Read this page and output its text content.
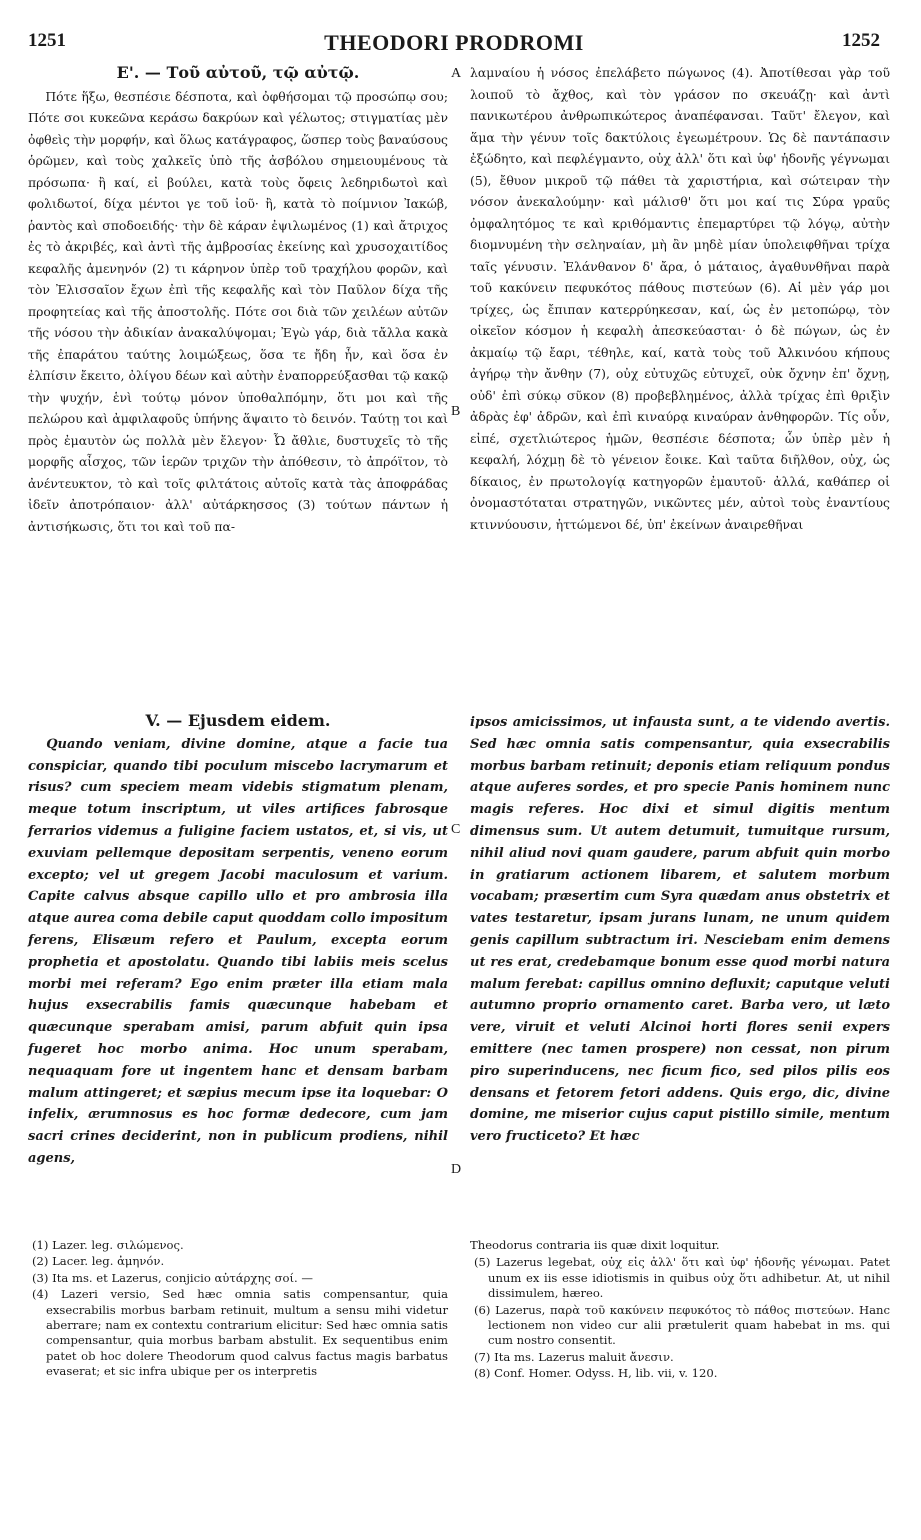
1251	THEODORI PRODROMI	1252
A
B
C
D
Ε'. — Τοῦ αὐτοῦ, τῷ αὐτῷ.

Πότε ἥξω, θεσπέσιε δέσποτα, καὶ ὀφθήσομαι τῷ προσώπῳ σου; Πότε σοι κυκεῶνα κεράσω δακρύων καὶ γέλωτος; στιγματίας μὲν ὀφθεὶς τὴν μορφήν, καὶ ὅλως κατάγραφος, ὥσπερ τοὺς βαναύσους ὁρῶμεν, καὶ τοὺς χαλκεῖς ὑπὸ τῆς ἀσβόλου σημειουμένους τὰ πρόσωπα· ἢ καί, εἰ βούλει, κατὰ τοὺς ὄφεις λεδηριδωτοὶ καὶ φολιδωτοί, δίχα μέντοι γε τοῦ ἰοῦ· ἢ, κατὰ τὸ ποίμνιον Ἰακώβ, ῥαντὸς καὶ σποδοειδής· τὴν δὲ κάραν ἐψιλωμένος (1) καὶ ἄτριχος ἐς τὸ ἀκριβές, καὶ ἀντὶ τῆς ἀμβροσίας ἐκείνης καὶ χρυσοχαιτίδος κεφαλῆς ἀμενηνόν (2) τι κάρηνον ὑπὲρ τοῦ τραχήλου φορῶν, καὶ τὸν Ἐλισσαῖον ἔχων ἐπὶ τῆς κεφαλῆς καὶ τὸν Παῦλον δίχα τῆς προφητείας καὶ τῆς ἀποστολῆς. Πότε σοι διὰ τῶν χειλέων αὐτῶν τῆς νόσου τὴν ἀδικίαν ἀνακαλύψομαι; Ἐγὼ γάρ, διὰ τἄλλα κακὰ τῆς ἐπαράτου ταύτης λοιμώξεως, ὅσα τε ἤδη ἦν, καὶ ὅσα ἐν ἐλπίσιν ἔκειτο, ὀλίγου δέων καὶ αὐτὴν ἐναπορρεύξασθαι τῷ κακῷ τὴν ψυχήν, ἑνὶ τούτῳ μόνον ὑποθαλπόμην, ὅτι μοι καὶ τῆς πελώρου καὶ ἀμφιλαφοῦς ὑπήνης ἅψαιτο τὸ δεινόν. Ταύτῃ τοι καὶ πρὸς ἐμαυτὸν ὡς πολλὰ μὲν ἔλεγον· Ὦ ἄθλιε, δυστυχεῖς τὸ τῆς μορφῆς αἶσχος, τῶν ἱερῶν τριχῶν τὴν ἀπόθεσιν, τὸ ἀπρόϊτον, τὸ ἀνέντευκτον, τὸ καὶ τοῖς φιλτάτοις αὐτοῖς κατὰ τὰς ἀποφράδας ἰδεῖν ἀποτρόπαιον· ἀλλ' αὐτάρκησσος (3) τούτων πάντων ἡ ἀντισήκωσις, ὅτι τοι καὶ τοῦ πα-

λαμναίου ἡ νόσος ἐπελάβετο πώγωνος (4). Ἀποτίθεσαι γὰρ τοῦ λοιποῦ τὸ ἄχθος, καὶ τὸν γράσον πο σκευάζῃ· καὶ ἀντὶ πανικωτέρου ἀνθρωπικώτερος ἀναπέφανσαι. Ταῦτ' ἔλεγον, καὶ ἅμα τὴν γένυν τοῖς δακτύλοις ἐγεωμέτρουν. Ὡς δὲ παντάπασιν ἐξώδητο, καὶ πεφλέγμαντο, οὐχ ἀλλ' ὅτι καὶ ὑφ' ἡδονῆς γέγνωμαι (5), ἔθυον μικροῦ τῷ πάθει τὰ χαριστήρια, καὶ σώτειραν τὴν νόσον ἀνεκαλούμην· καὶ μάλισθ' ὅτι μοι καί τις Σύρα γραῦς ὀμφαλητόμος τε καὶ κριθόμαντις ἐπεμαρτύρει τῷ λόγῳ, αὐτὴν διομνυμένη τὴν σεληναίαν, μὴ ἂν μηδὲ μίαν ὑπολειφθῆναι τρίχα ταῖς γένυσιν. Ἐλάνθανον δ' ἄρα, ὁ μάταιος, ἀγαθυνθῆναι παρὰ τοῦ κακύνειν πεφυκότος πάθους πιστεύων (6). Αἱ μὲν γάρ μοι τρίχες, ὡς ἔπιπαν κατερρύηκεσαν, καί, ὡς ἐν μετοπώρῳ, τὸν οἰκεῖον κόσμον ἡ κεφαλὴ ἀπεσκεύασται· ὁ δὲ πώγων, ὡς ἐν ἀκμαίῳ τῷ ἔαρι, τέθηλε, καί, κατὰ τοὺς τοῦ Ἀλκινόου κήπους ἀγήρῳ τὴν ἄνθην (7), οὐχ εὐτυχῶς εὐτυχεῖ, οὐκ ὄχνην ἐπ' ὄχνῃ, οὐδ' ἐπὶ σύκῳ σῦκον (8) προβεβλημένος, ἀλλὰ τρίχας ἐπὶ θριξὶν ἀδρὰς ἐφ' ἀδρῶν, καὶ ἐπὶ κιναύρᾳ κιναύραν ἀνθηφορῶν. Τίς οὖν, εἰπέ, σχετλιώτερος ἡμῶν, θεσπέσιε δέσποτα; ὧν ὑπὲρ μὲν ἡ κεφαλή, λόχμῃ δὲ τὸ γένειον ἔοικε. Καὶ ταῦτα διῆλθον, οὐχ, ὡς δίκαιος, ἐν πρωτολογίᾳ κατηγορῶν ἐμαυτοῦ· ἀλλά, καθάπερ οἱ ὀνομαστόταται στρατηγῶν, νικῶντες μέν, αὐτοὶ τοὺς ἐναντίους κτιννύουσιν, ἡττώμενοι δέ, ὑπ' ἐκείνων ἀναιρεθῆναι

V. — Ejusdem eidem.

Quando veniam, divine domine, atque a facie tua conspiciar, quando tibi poculum miscebo lacrymarum et risus? cum speciem meam videbis stigmatum plenam, meque totum inscriptum, ut viles artifices fabrosque ferrarios videmus a fuligine faciem ustatos, et, si vis, ut exuviam pellemque depositam serpentis, veneno eorum excepto; vel ut gregem Jacobi maculosum et varium. Capite calvus absque capillo ullo et pro ambrosia illa atque aurea coma debile caput quoddam collo impositum ferens, Elisæum refero et Paulum, excepta eorum prophetia et apostolatu. Quando tibi labiis meis scelus morbi mei referam? Ego enim præter illa etiam mala hujus exsecrabilis famis quæcunque habebam et quæcunque sperabam amisi, parum abfuit quin ipsa fugeret hoc morbo anima. Hoc unum sperabam, nequaquam fore ut ingentem hanc et densam barbam malum attingeret; et sæpius mecum ipse ita loquebar: O infelix, ærumnosus es hoc formæ dedecore, cum jam sacri crines deciderint, non in publicum prodiens, nihil agens,

ipsos amicissimos, ut infausta sunt, a te videndo avertis. Sed hæc omnia satis compensantur, quia exsecrabilis morbus barbam retinuit; deponis etiam reliquum pondus atque auferes sordes, et pro specie Panis hominem nunc magis referes. Hoc dixi et simul digitis mentum dimensus sum. Ut autem detumuit, tumuitque rursum, nihil aliud novi quam gaudere, parum abfuit quin morbo in gratiarum actionem libarem, et salutem morbum vocabam; præsertim cum Syra quædam anus obstetrix et vates testaretur, ipsam jurans lunam, ne unum quidem genis capillum subtractum iri. Nesciebam enim demens ut res erat, credebamque bonum esse quod morbi natura malum ferebat: capillus omnino defluxit; caputque veluti autumno proprio ornamento caret. Barba vero, ut læto vere, viruit et veluti Alcinoi horti flores senii expers emittere (nec tamen prospere) non cessat, non pirum piro superinducens, nec ficum fico, sed pilos pilis eos densans et fetorem fetori addens. Quis ergo, dic, divine domine, me miserior cujus caput pistillo simile, mentum vero fructiceto? Et hæc

(1) Lazer. leg. σιλώμενος.
(2) Lacer. leg. ἀμηνόν.
(3) Ita ms. et Lazerus, conjicio αὐτάρχης σοί. —
(4) Lazeri versio, Sed hæc omnia satis compensantur, quia exsecrabilis morbus barbam retinuit, multum a sensu mihi videtur aberrare; nam ex contextu contrarium elicitur: Sed hæc omnia satis compensantur, quia morbus barbam abstulit. Ex sequentibus enim patet ob hoc dolere Theodorum quod calvus factus magis barbatus evaserat; et sic infra ubique per os interpretis
Theodorus contraria iis quæ dixit loquitur.
(5) Lazerus legebat, οὐχ εἰς ἀλλ' ὅτι καὶ ὑφ' ἡδονῆς γένωμαι. Patet unum ex iis esse idiotismis in quibus οὐχ ὅτι adhibetur. At, ut nihil dissimulem, hæreo.
(6) Lazerus, παρὰ τοῦ κακύνειν πεφυκότος τὸ πάθος πιστεύων. Hanc lectionem non video cur alii prætulerit quam habebat in ms. qui cum nostro consentit.
(7) Ita ms. Lazerus maluit ἄνεσιν.
(8) Conf. Homer. Odyss. H, lib. vii, v. 120.
